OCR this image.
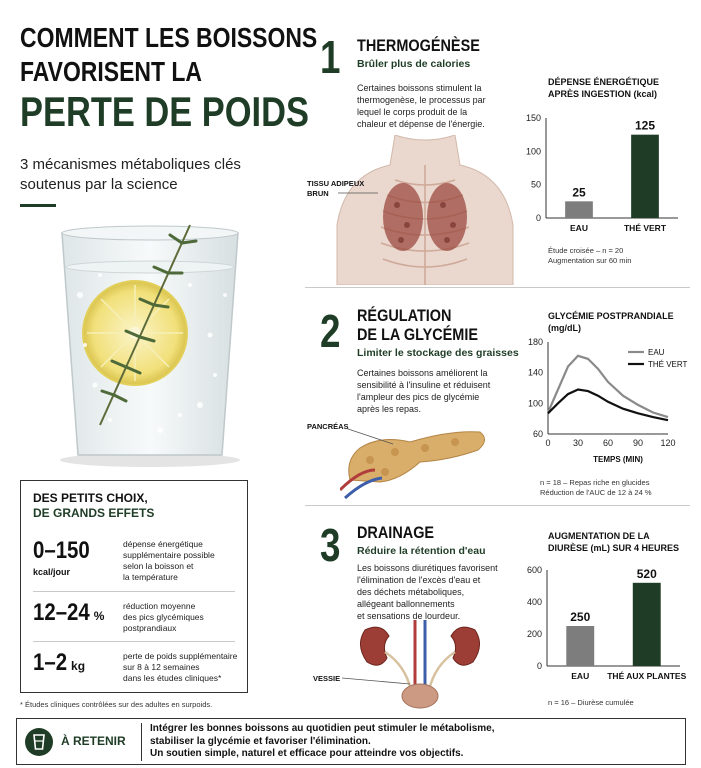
COMMENT LES BOISSONS
FAVORISENT LA
PERTE DE POIDS
3 mécanismes métaboliques clés
soutenus par la science
DES PETITS CHOIX,
DE GRANDS EFFETS
0–150
kcal/jour
dépense énergétique
supplémentaire possible
selon la boisson et
la température
12–24 %
réduction moyenne
des pics glycémiques
postprandiaux
1–2 kg
perte de poids supplémentaire
sur 8 à 12 semaines
dans les études cliniques*
* Études cliniques contrôlées sur des adultes en surpoids.
1 THERMOGÉNÈSE
Brûler plus de calories
Certaines boissons stimulent la
thermogenèse, le processus par
lequel le corps produit de la
chaleur et dépense de l'énergie.
TISSU ADIPEUX
BRUN
DÉPENSE ÉNERGÉTIQUE APRÈS INGESTION (kcal)
0
50
100
150
25
EAU
125
THÉ VERT
Étude croisée – n = 20
Augmentation sur 60 min
2 RÉGULATION
DE LA GLYCÉMIE
Limiter le stockage des graisses
Certaines boissons améliorent la
sensibilité à l'insuline et réduisent
l'ampleur des pics de glycémie
après les repas.
PANCRÉAS
GLYCÉMIE POSTPRANDIALE (mg/dL)
60
100
140
180
0 30 60 90 120
TEMPS (MIN)
EAU
THÉ VERT
n = 18 – Repas riche en glucides
Réduction de l'AUC de 12 à 24 %
3 DRAINAGE
Réduire la rétention d'eau
Les boissons diurétiques favorisent
l'élimination de l'excès d'eau et
des déchets métaboliques,
allégeant ballonnements
et sensations de lourdeur.
VESSIE
AUGMENTATION DE LA DIURÈSE (mL) SUR 4 HEURES
0
200
400
600
250
EAU
520
THÉ AUX PLANTES
n = 16 – Diurèse cumulée
À RETENIR
Intégrer les bonnes boissons au quotidien peut stimuler le métabolisme,
stabiliser la glycémie et favoriser l'élimination.
Un soutien simple, naturel et efficace pour atteindre vos objectifs.
